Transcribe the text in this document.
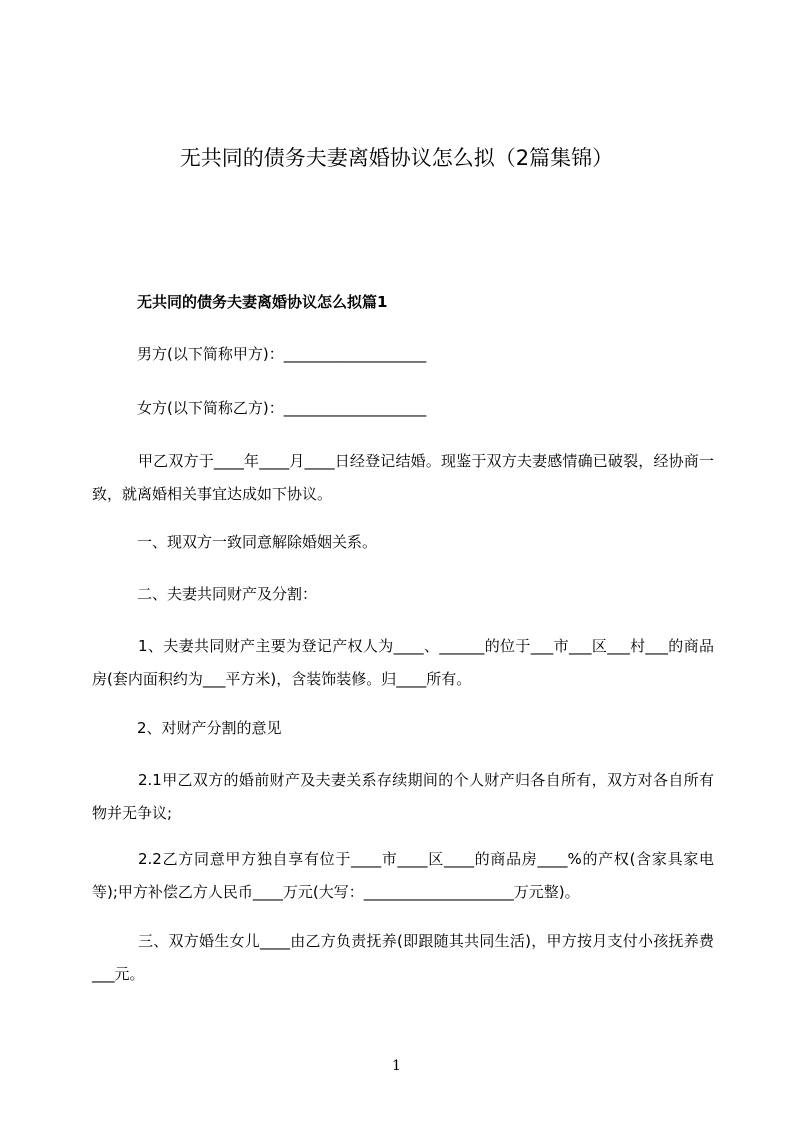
无共同的债务夫妻离婚协议怎么拟（2篇集锦）
无共同的债务夫妻离婚协议怎么拟篇1
男方(以下简称甲方)：___________________
女方(以下简称乙方)：___________________
甲乙双方于____年____月____日经登记结婚。现鉴于双方夫妻感情确已破裂，经协商一致，就离婚相关事宜达成如下协议。
一、现双方一致同意解除婚姻关系。
二、夫妻共同财产及分割：
1、夫妻共同财产主要为登记产权人为____、______的位于___市___区___村___的商品房(套内面积约为___平方米)，含装饰装修。归____所有。
2、对财产分割的意见
2.1甲乙双方的婚前财产及夫妻关系存续期间的个人财产归各自所有，双方对各自所有物并无争议;
2.2乙方同意甲方独自享有位于____市____区____的商品房____%的产权(含家具家电等);甲方补偿乙方人民币____万元(大写：____________________万元整)。
三、双方婚生女儿____由乙方负责抚养(即跟随其共同生活)，甲方按月支付小孩抚养费___元。
1
